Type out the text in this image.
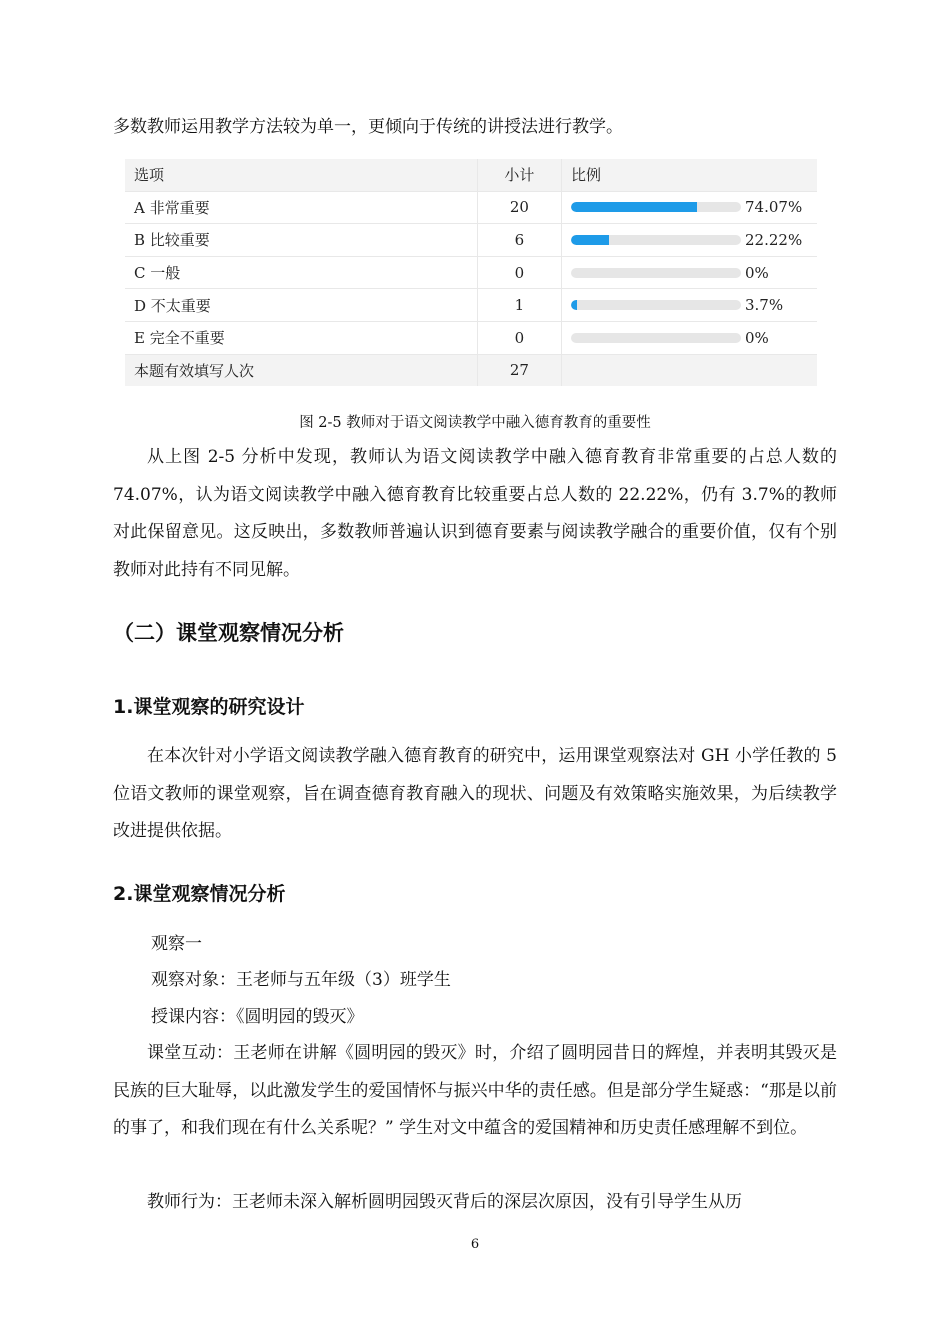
多数教师运用教学方法较为单一，更倾向于传统的讲授法进行教学。

选项	小计	比例
A 非常重要	20	74.07%

B 比较重要	6	22.22%

C 一般	0	0%

D 不太重要	1	3.7%

E 完全不重要	0	0%

本题有效填写人次	27	

图 2-5 教师对于语文阅读教学中融入德育教育的重要性

从上图 2-5 分析中发现，教师认为语文阅读教学中融入德育教育非常重要的占总人数的 74.07%，认为语文阅读教学中融入德育教育比较重要占总人数的 22.22%，仍有 3.7%的教师对此保留意见。这反映出，多数教师普遍认识到德育要素与阅读教学融合的重要价值，仅有个别教师对此持有不同见解。

（二）课堂观察情况分析
1.课堂观察的研究设计

在本次针对小学语文阅读教学融入德育教育的研究中，运用课堂观察法对 GH 小学任教的 5 位语文教师的课堂观察，旨在调查德育教育融入的现状、问题及有效策略实施效果，为后续教学改进提供依据。

2.课堂观察情况分析

观察一

观察对象：王老师与五年级（3）班学生

授课内容：《圆明园的毁灭》

课堂互动：王老师在讲解《圆明园的毁灭》时，介绍了圆明园昔日的辉煌，并表明其毁灭是民族的巨大耻辱，以此激发学生的爱国情怀与振兴中华的责任感。但是部分学生疑惑：“那是以前的事了，和我们现在有什么关系呢？” 学生对文中蕴含的爱国精神和历史责任感理解不到位。

教师行为：王老师未深入解析圆明园毁灭背后的深层次原因，没有引导学生从历

6
